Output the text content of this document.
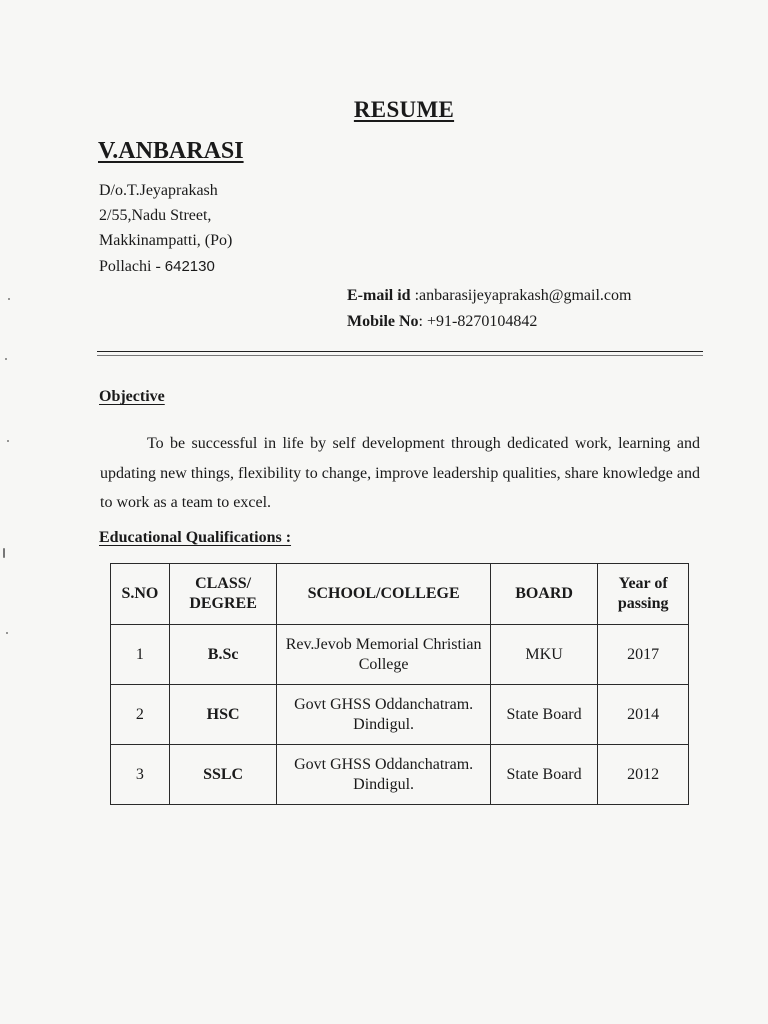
RESUME
V.ANBARASI
D/o.T.Jeyaprakash
2/55,Nadu Street,
Makkinampatti, (Po)
Pollachi - 642130
E-mail id :anbarasijeyaprakash@gmail.com
Mobile No: +91-8270104842
Objective
To be successful in life by self development through dedicated work, learning and updating new things, flexibility to change, improve leadership qualities, share knowledge and to work as a team to excel.
Educational Qualifications :
S.NO	CLASS/ DEGREE	SCHOOL/COLLEGE	BOARD	Year of passing
1	B.Sc	Rev.Jevob Memorial Christian College	MKU	2017
2	HSC	Govt GHSS Oddanchatram. Dindigul.	State Board	2014
3	SSLC	Govt GHSS Oddanchatram. Dindigul.	State Board	2012
